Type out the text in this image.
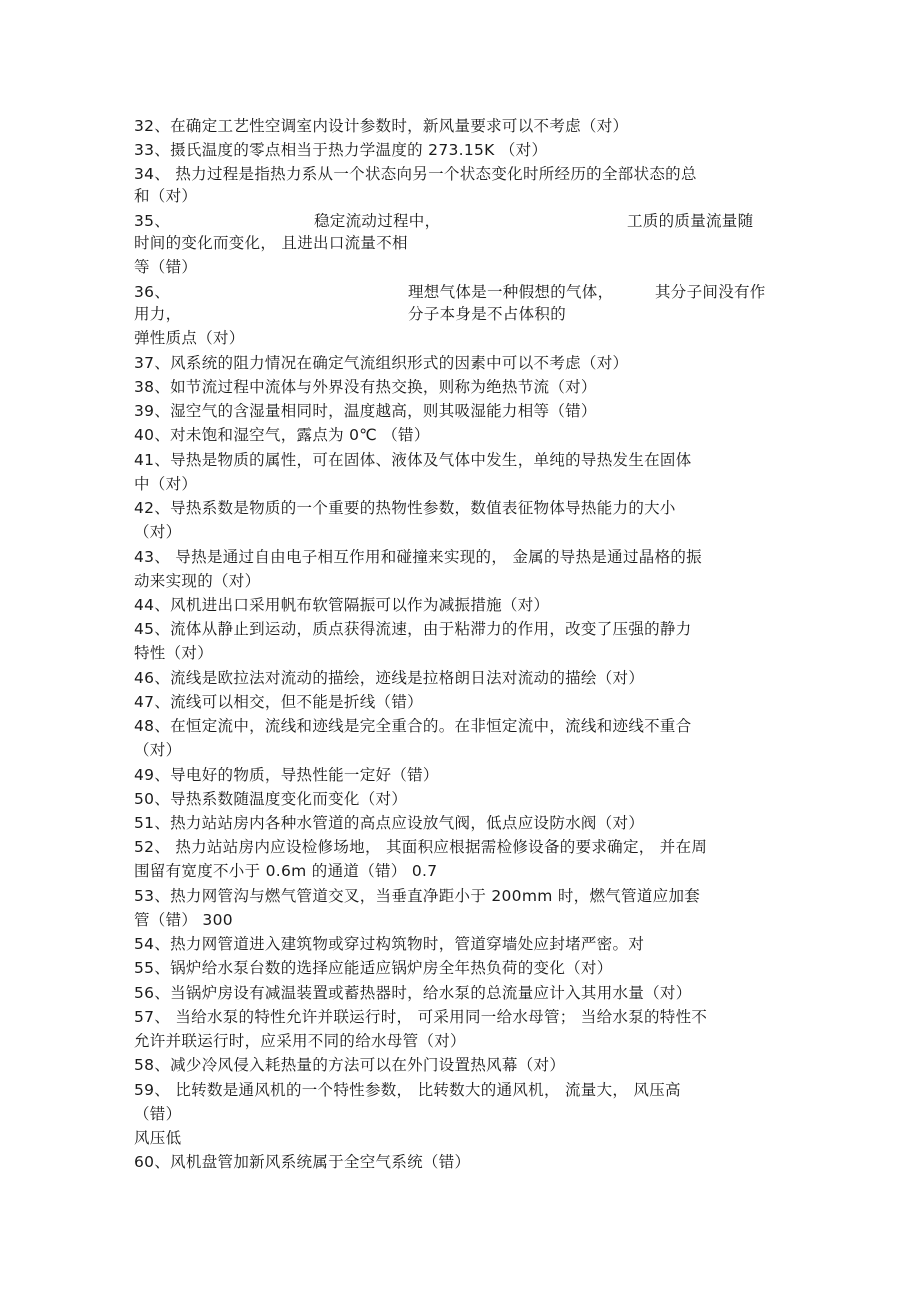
32、在确定工艺性空调室内设计参数时，新风量要求可以不考虑（对）
33、摄氏温度的零点相当于热力学温度的 273.15K （对）
34、 热力过程是指热力系从一个状态向另一个状态变化时所经历的全部状态的总
和（对）
35、	稳定流动过程中，	工质的质量流量随
时间的变化而变化， 且进出口流量不相
等（错）
36、	理想气体是一种假想的气体，	其分子间没有作
用力，	分子本身是不占体积的
弹性质点（对）
37、风系统的阻力情况在确定气流组织形式的因素中可以不考虑（对）
38、如节流过程中流体与外界没有热交换，则称为绝热节流（对）
39、湿空气的含湿量相同时，温度越高，则其吸湿能力相等（错）
40、对未饱和湿空气，露点为 0℃ （错）
41、导热是物质的属性，可在固体、液体及气体中发生，单纯的导热发生在固体
中（对）
42、导热系数是物质的一个重要的热物性参数，数值表征物体导热能力的大小
（对）
43、 导热是通过自由电子相互作用和碰撞来实现的， 金属的导热是通过晶格的振
动来实现的（对）
44、风机进出口采用帆布软管隔振可以作为减振措施（对）
45、流体从静止到运动，质点获得流速，由于粘滞力的作用，改变了压强的静力
特性（对）
46、流线是欧拉法对流动的描绘，迹线是拉格朗日法对流动的描绘（对）
47、流线可以相交，但不能是折线（错）
48、在恒定流中，流线和迹线是完全重合的。在非恒定流中，流线和迹线不重合
（对）
49、导电好的物质，导热性能一定好（错）
50、导热系数随温度变化而变化（对）
51、热力站站房内各种水管道的高点应设放气阀，低点应设防水阀（对）
52、 热力站站房内应设检修场地， 其面积应根据需检修设备的要求确定， 并在周
围留有宽度不小于 0.6m 的通道（错） 0.7
53、热力网管沟与燃气管道交叉，当垂直净距小于 200mm 时，燃气管道应加套
管（错） 300
54、热力网管道进入建筑物或穿过构筑物时，管道穿墙处应封堵严密。对
55、锅炉给水泵台数的选择应能适应锅炉房全年热负荷的变化（对）
56、当锅炉房设有减温装置或蓄热器时，给水泵的总流量应计入其用水量（对）
57、 当给水泵的特性允许并联运行时， 可采用同一给水母管； 当给水泵的特性不
允许并联运行时，应采用不同的给水母管（对）
58、减少冷风侵入耗热量的方法可以在外门设置热风幕（对）
59、 比转数是通风机的一个特性参数， 比转数大的通风机， 流量大， 风压高
（错）
风压低
60、风机盘管加新风系统属于全空气系统（错）
